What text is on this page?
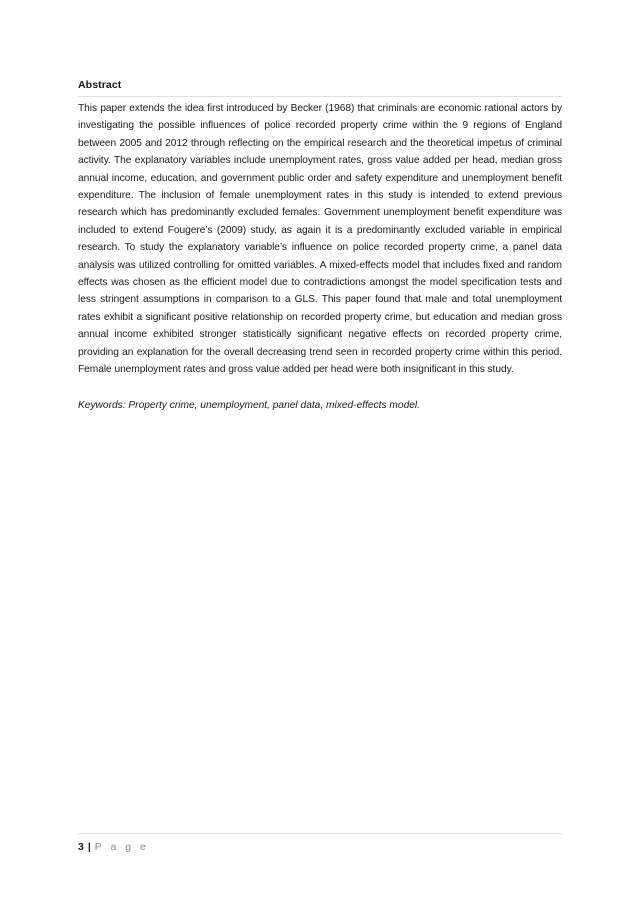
Abstract

This paper extends the idea first introduced by Becker (1968) that criminals are economic rational actors by investigating the possible influences of police recorded property crime within the 9 regions of England between 2005 and 2012 through reflecting on the empirical research and the theoretical impetus of criminal activity. The explanatory variables include unemployment rates, gross value added per head, median gross annual income, education, and government public order and safety expenditure and unemployment benefit expenditure. The inclusion of female unemployment rates in this study is intended to extend previous research which has predominantly excluded females. Government unemployment benefit expenditure was included to extend Fougere’s (2009) study, as again it is a predominantly excluded variable in empirical research. To study the explanatory variable’s influence on police recorded property crime, a panel data analysis was utilized controlling for omitted variables. A mixed-effects model that includes fixed and random effects was chosen as the efficient model due to contradictions amongst the model specification tests and less stringent assumptions in comparison to a GLS. This paper found that male and total unemployment rates exhibit a significant positive relationship on recorded property crime, but education and median gross annual income exhibited stronger statistically significant negative effects on recorded property crime, providing an explanation for the overall decreasing trend seen in recorded property crime within this period. Female unemployment rates and gross value added per head were both insignificant in this study.

Keywords: Property crime, unemployment, panel data, mixed-effects model.

3 | P a g e
